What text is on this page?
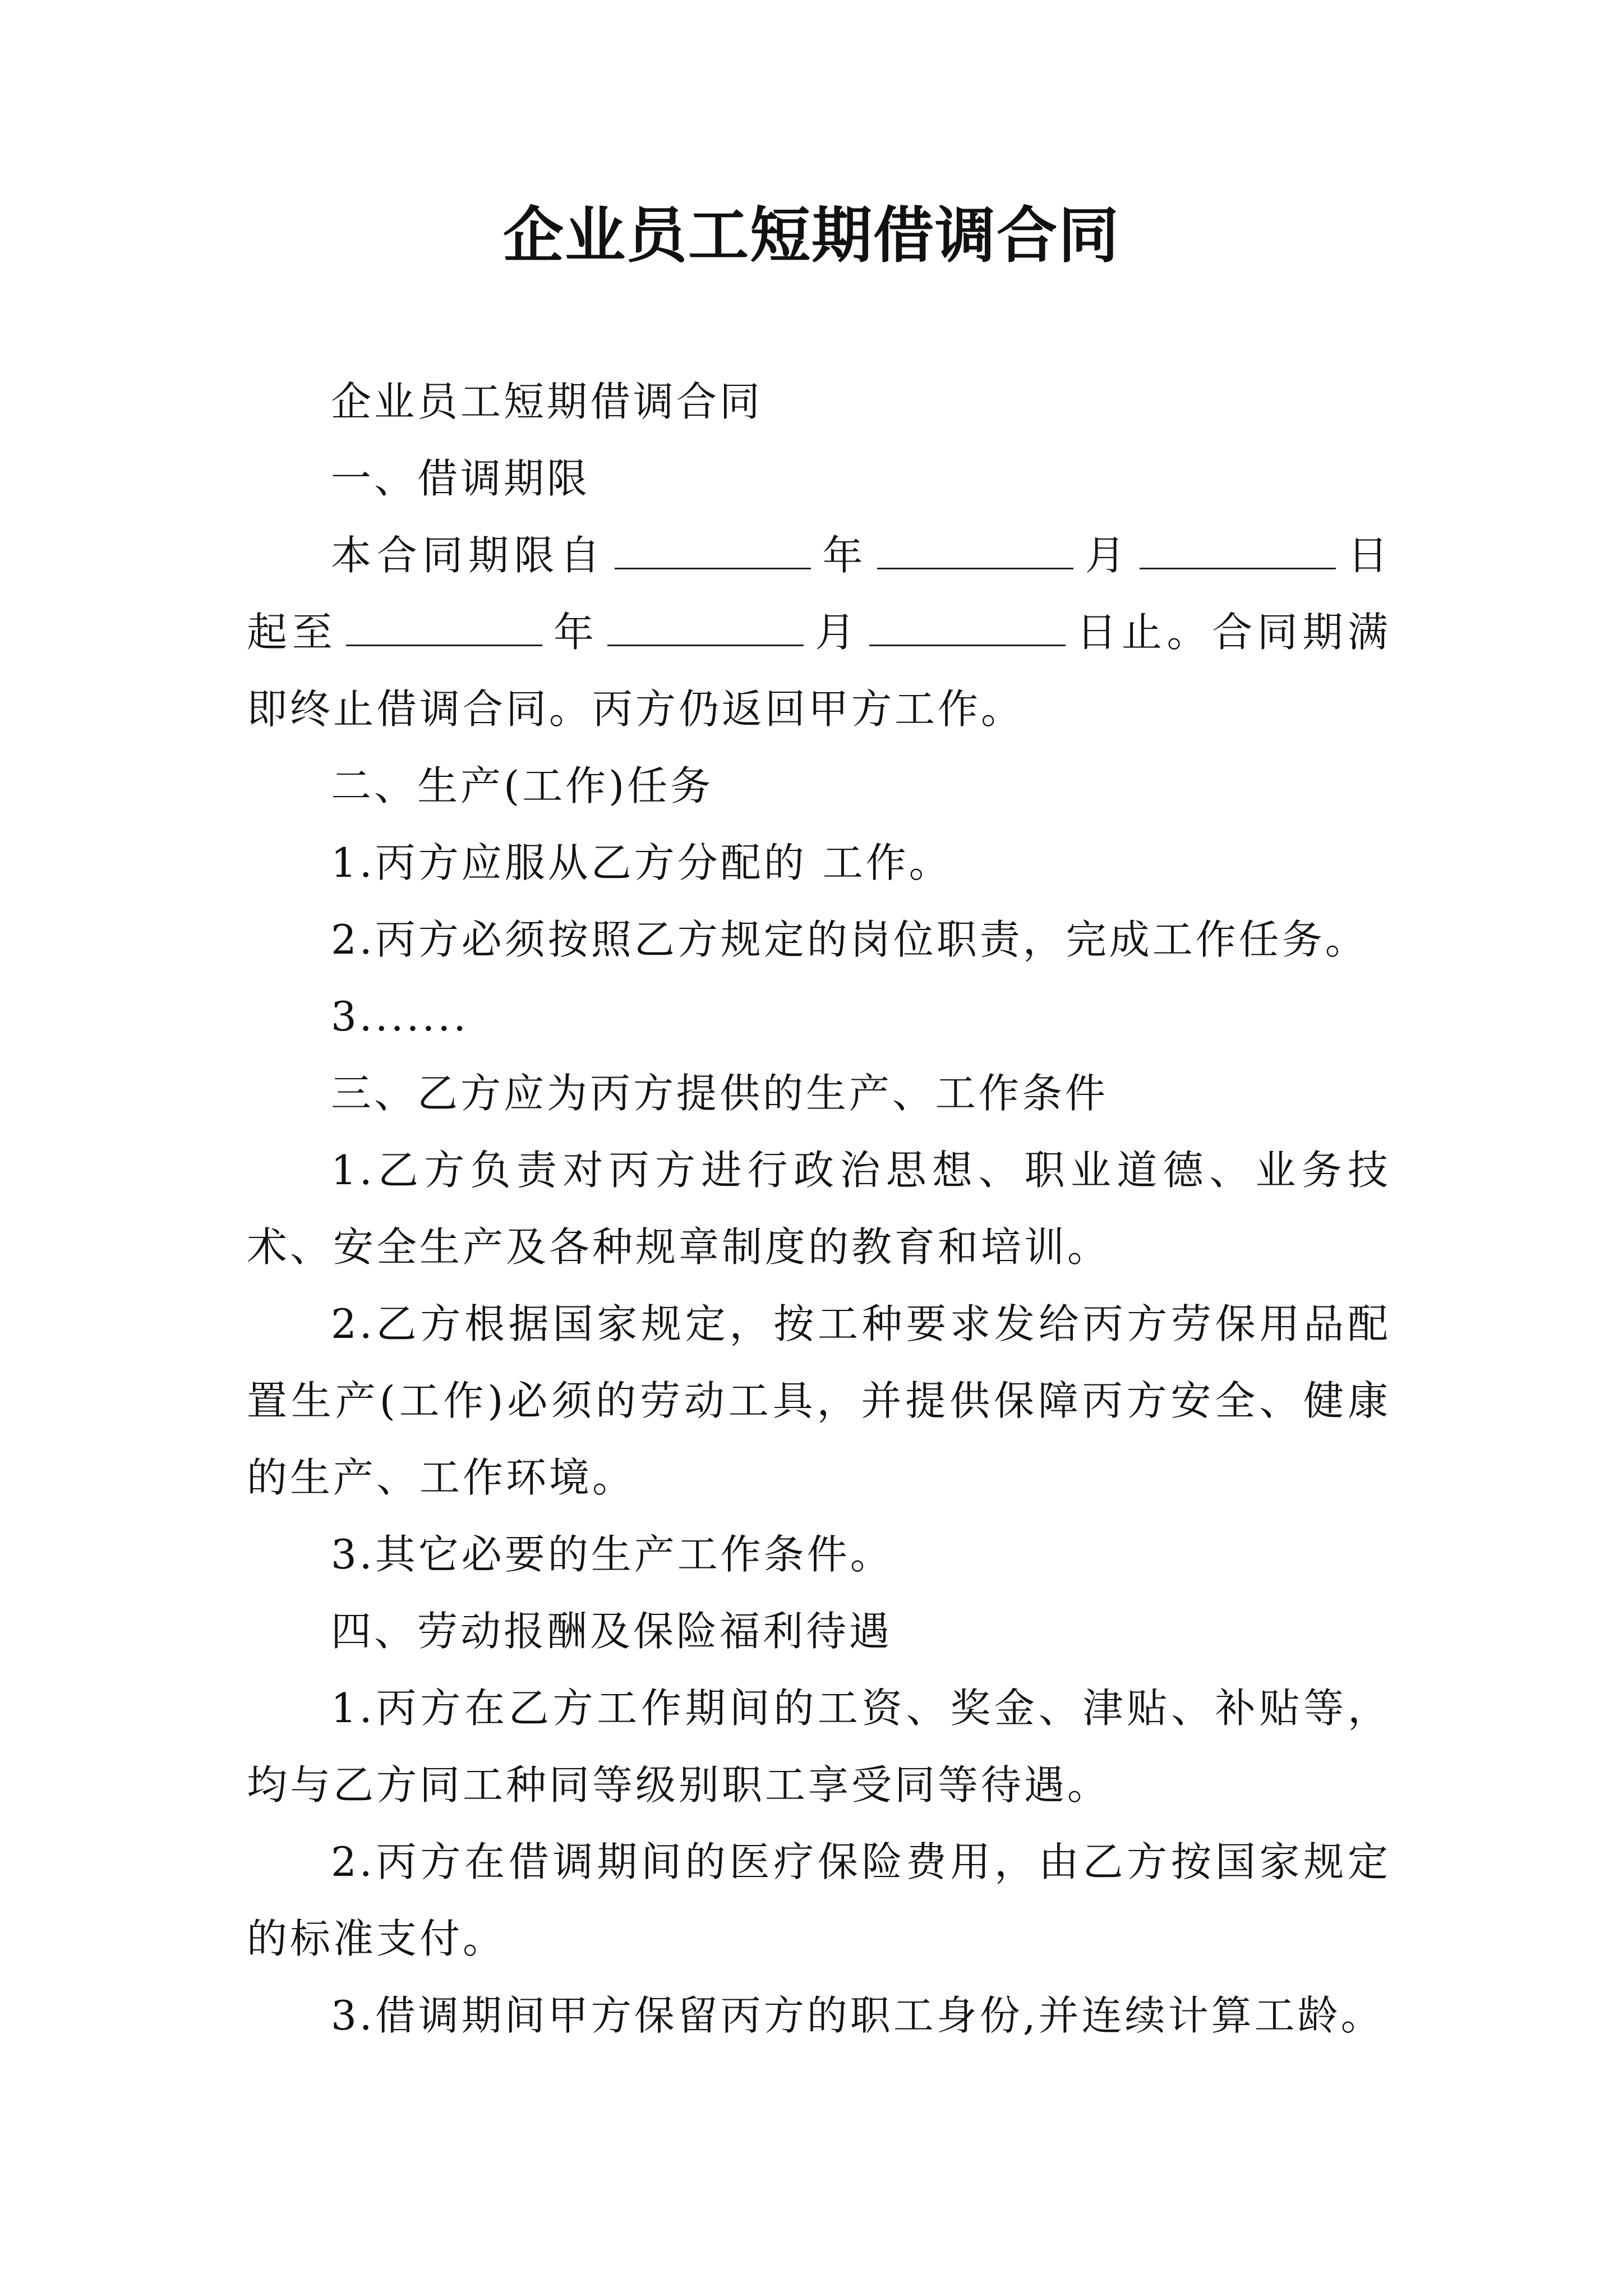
企业员工短期借调合同

企业员工短期借调合同

一、借调期限

本合同期限自	年	月	日起至	年	月	日止。合同期满即终止借调合同。丙方仍返回甲方工作。

二、生产(工作)任务

1.丙方应服从乙方分配的 工作。

2.丙方必须按照乙方规定的岗位职责，完成工作任务。

3.......

三、乙方应为丙方提供的生产、工作条件

1.乙方负责对丙方进行政治思想、职业道德、业务技术、安全生产及各种规章制度的教育和培训。

2.乙方根据国家规定，按工种要求发给丙方劳保用品配置生产(工作)必须的劳动工具，并提供保障丙方安全、健康的生产、工作环境。

3.其它必要的生产工作条件。

四、劳动报酬及保险福利待遇

1.丙方在乙方工作期间的工资、奖金、津贴、补贴等，均与乙方同工种同等级别职工享受同等待遇。

2.丙方在借调期间的医疗保险费用，由乙方按国家规定的标准支付。

3.借调期间甲方保留丙方的职工身份,并连续计算工龄。
